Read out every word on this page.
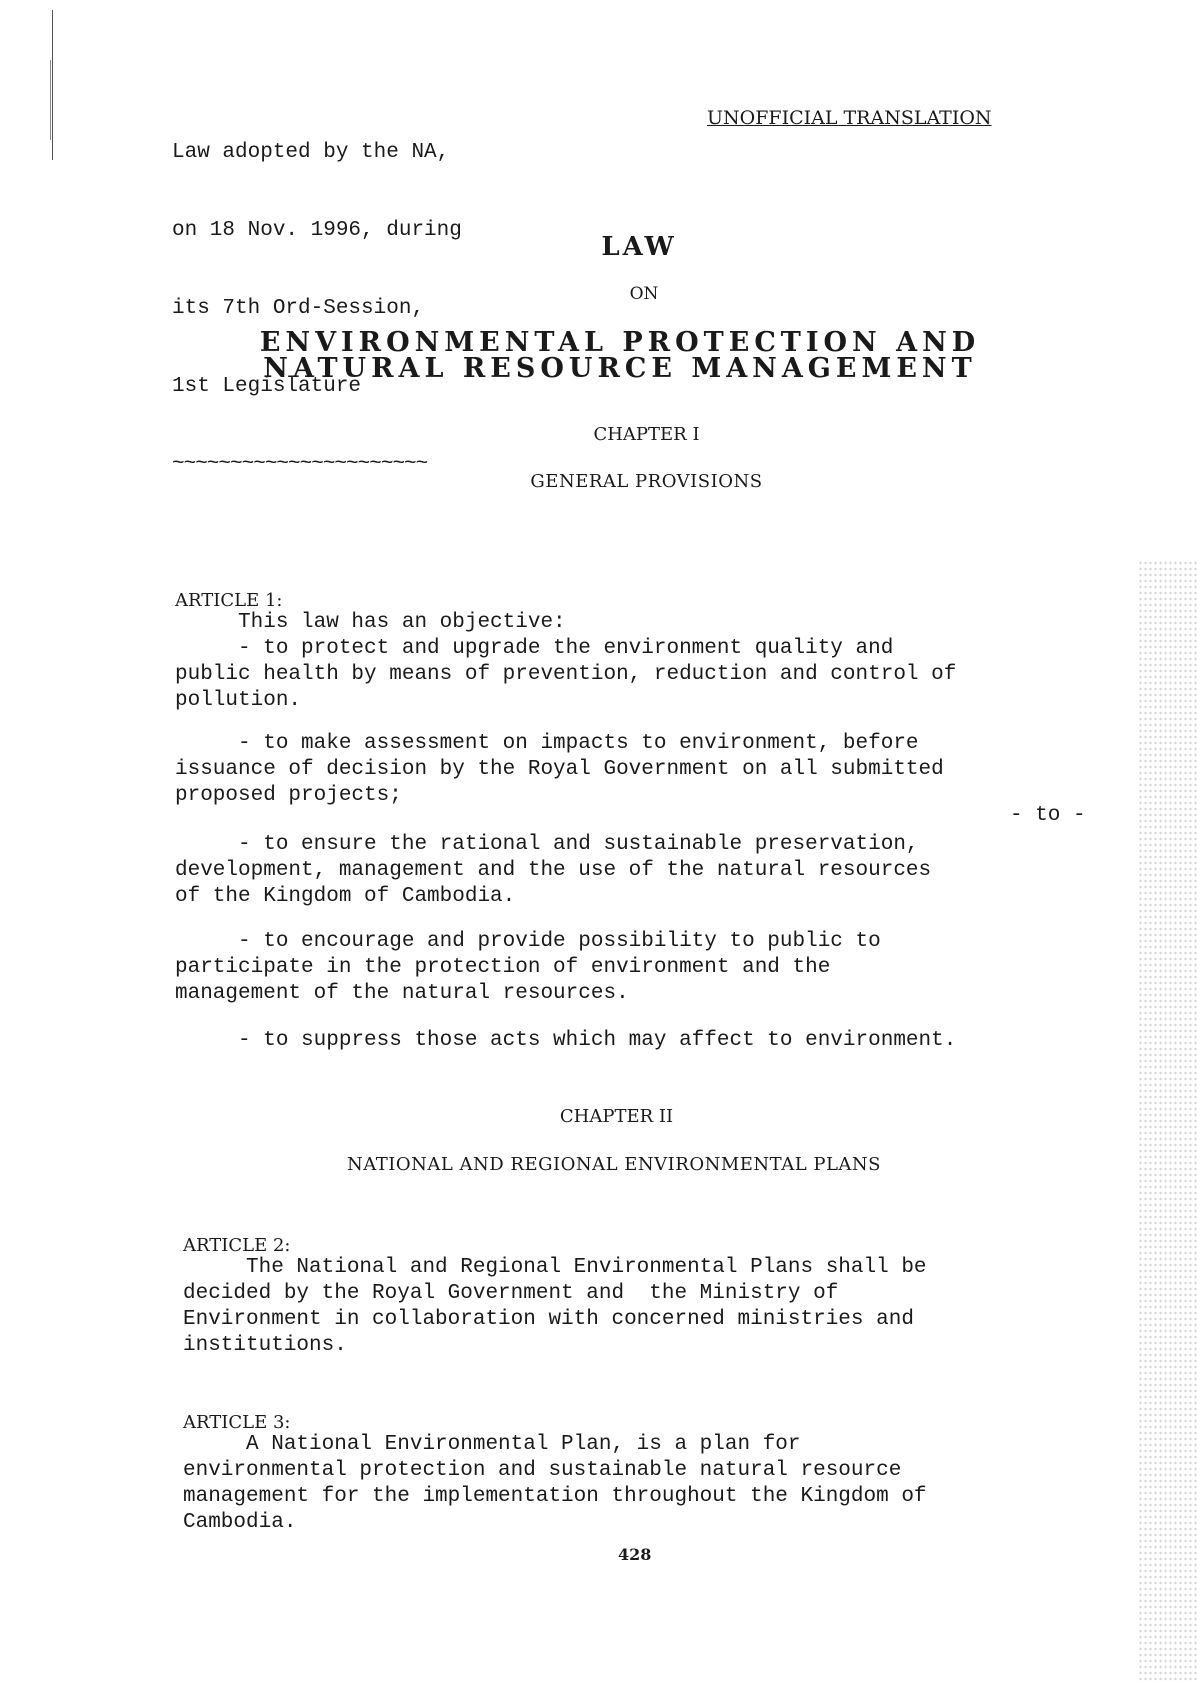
Law adopted by the NA,

on 18 Nov. 1996, during

its 7th Ord-Session,

1st Legislature

~~~~~~~~~~~~~~~~~~~~~~

UNOFFICIAL TRANSLATION
LAW
ON
ENVIRONMENTAL PROTECTION AND
NATURAL RESOURCE MANAGEMENT
CHAPTER I
GENERAL PROVISIONS
ARTICLE 1:
This law has an objective:
- to protect and upgrade the environment quality and
public health by means of prevention, reduction and control of
pollution.
- to make assessment on impacts to environment, before
issuance of decision by the Royal Government on all submitted
proposed projects;
- to -
- to ensure the rational and sustainable preservation,
development, management and the use of the natural resources
of the Kingdom of Cambodia.
- to encourage and provide possibility to public to
participate in the protection of environment and the
management of the natural resources.
- to suppress those acts which may affect to environment.
CHAPTER II
NATIONAL AND REGIONAL ENVIRONMENTAL PLANS
ARTICLE 2:
The National and Regional Environmental Plans shall be
decided by the Royal Government and  the Ministry of
Environment in collaboration with concerned ministries and
institutions.
ARTICLE 3:
A National Environmental Plan, is a plan for
environmental protection and sustainable natural resource
management for the implementation throughout the Kingdom of
Cambodia.
428
